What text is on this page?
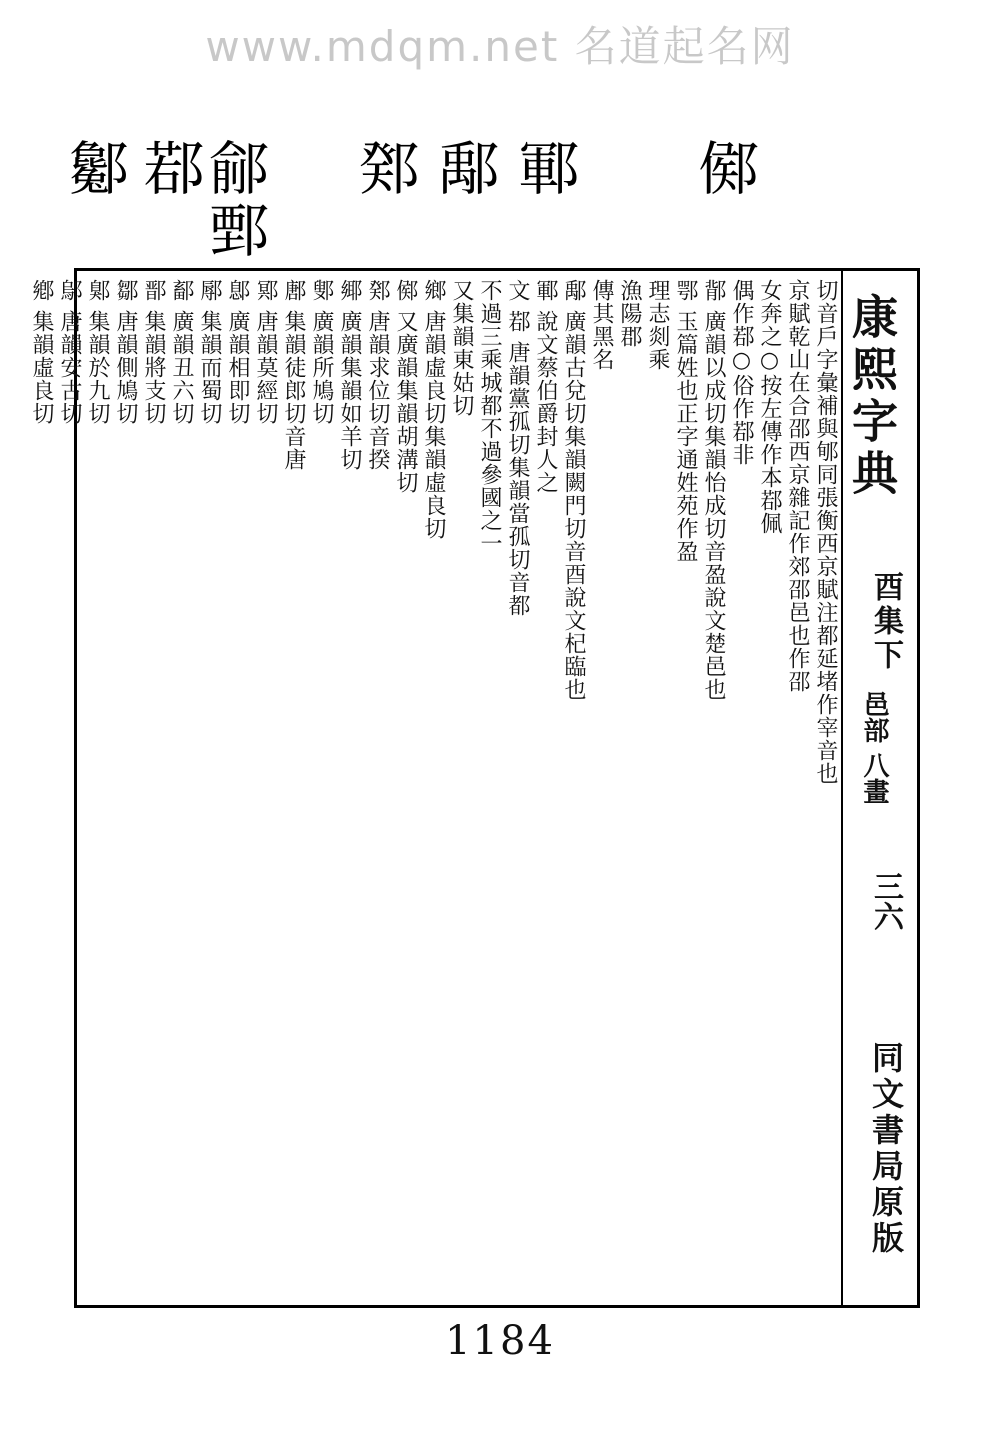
www.mdqm.net 名道起名网
酁 鄀 鄃
鄄
鄈 鄅 鄆 鄇
康熙字典
酉集下
三六
同文書局原版
邑部 八畫
切音戶字彙補與郇同張衡西京賦注都延堵作宰音也
京賦乾山在合邵西京雜記作郊邵邑也作邵
女奔之○按左傳作本鄀佩
偶作鄀○俗作鄀非
鄁 廣韻以成切集韻怡成切音盈說文楚邑也
鄂 玉篇姓也正字通姓苑作盈
理志剡乘
漁陽郡
傳其黑名
鄅 廣韻古兌切集韻闕門切音酉說文杞臨也
鄆 說文蔡伯爵封人之
文 鄀 唐韻黨孤切集韻當孤切音都
不過三乘城都不過參國之一
又集韻東姑切
鄉 唐韻虛良切集韻虛良切
鄇 又廣韻集韻胡溝切
鄈 唐韻求位切音揆
鄊 廣韻集韻如羊切
鄋 廣韻所鳩切
鄌 集韻徒郎切音唐
鄍 唐韻莫經切
鄎 廣韻相即切
鄏 集韻而蜀切
鄐 廣韻丑六切
鄑 集韻將支切
鄒 唐韻側鳩切
鄓 集韻於九切
鄔 唐韻安古切
鄕 集韻虛良切
1184
